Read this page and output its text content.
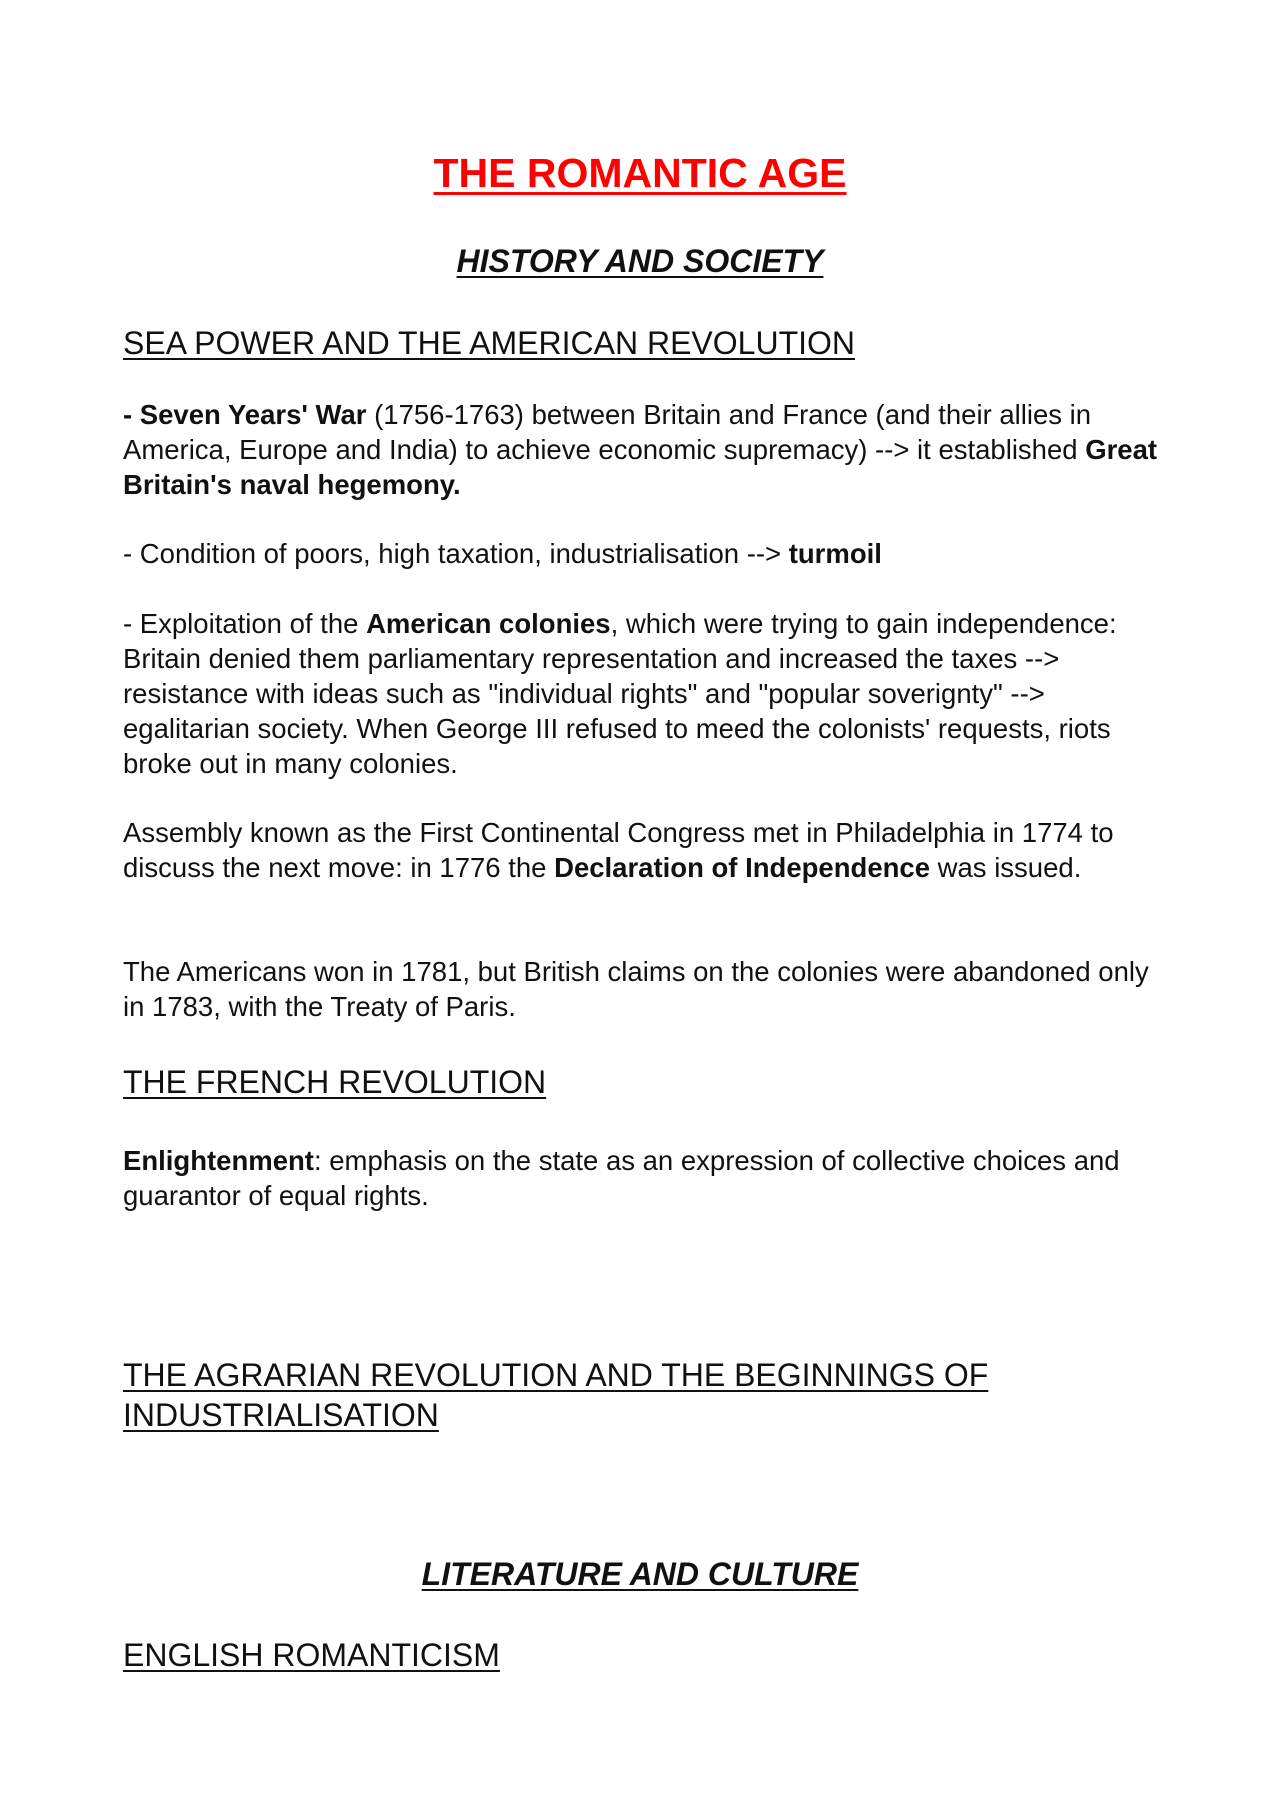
THE ROMANTIC AGE
HISTORY AND SOCIETY
SEA POWER AND THE AMERICAN REVOLUTION

- Seven Years' War (1756-1763) between Britain and France (and their allies in America, Europe and India) to achieve economic supremacy) --> it established Great Britain's naval hegemony.

- Condition of poors, high taxation, industrialisation --> turmoil

- Exploitation of the American colonies, which were trying to gain independence: Britain denied them parliamentary representation and increased the taxes --> resistance with ideas such as "individual rights" and "popular soverignty" --> egalitarian society. When George III refused to meed the colonists' requests, riots broke out in many colonies.

Assembly known as the First Continental Congress met in Philadelphia in 1774 to discuss the next move: in 1776 the Declaration of Independence was issued.

The Americans won in 1781, but British claims on the colonies were abandoned only in 1783, with the Treaty of Paris.

THE FRENCH REVOLUTION

Enlightenment: emphasis on the state as an expression of collective choices and guarantor of equal rights.

THE AGRARIAN REVOLUTION AND THE BEGINNINGS OF INDUSTRIALISATION
LITERATURE AND CULTURE
ENGLISH ROMANTICISM
